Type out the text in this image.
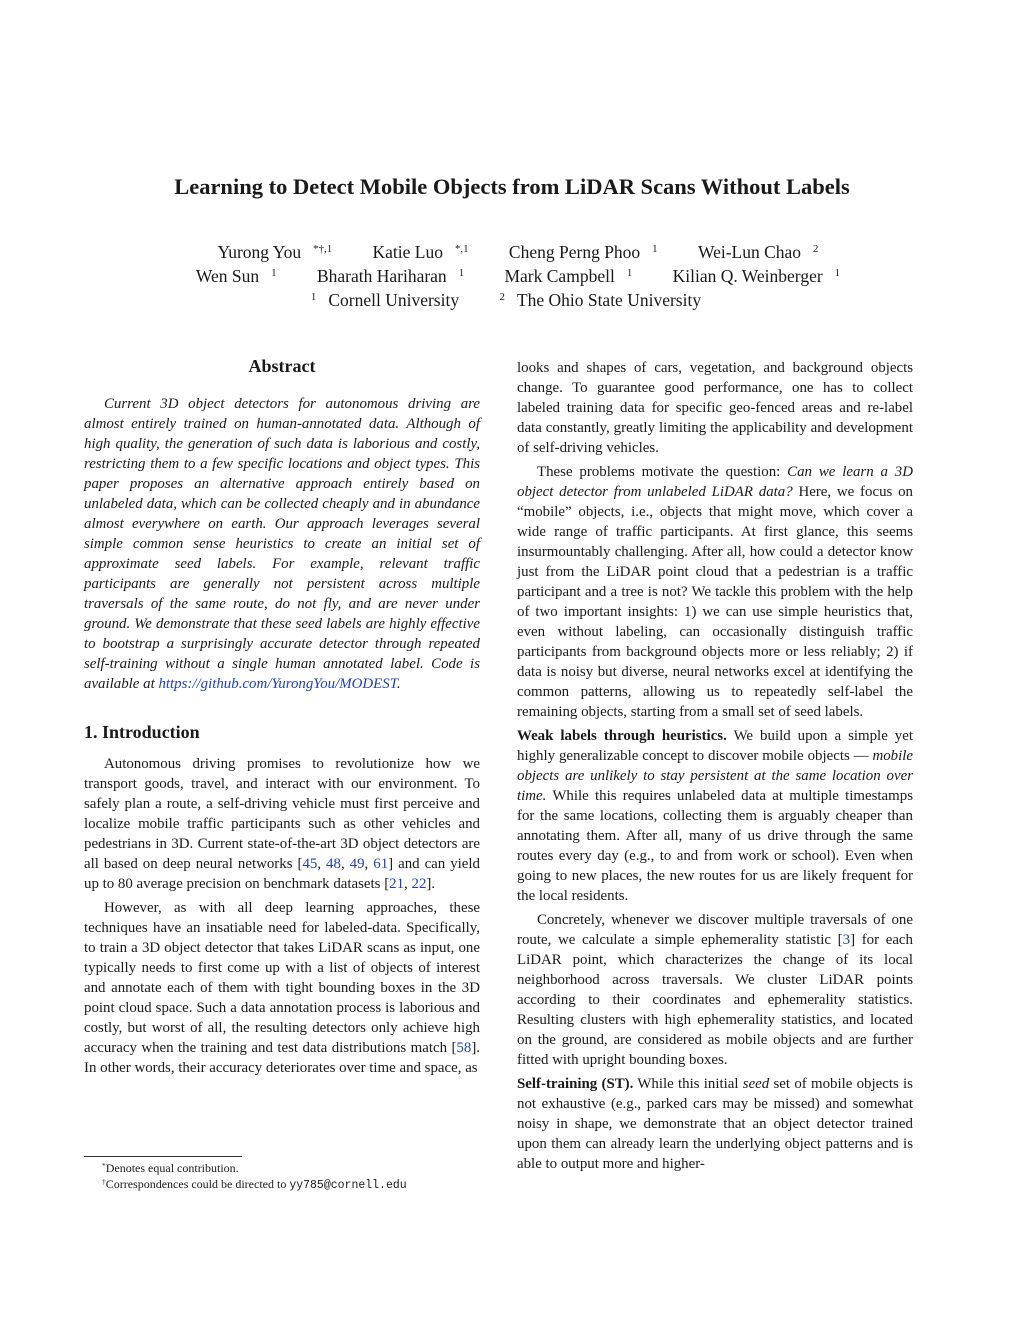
Learning to Detect Mobile Objects from LiDAR Scans Without Labels
Yurong You $^{*\dagger,1}$ Katie Luo $^{*,1}$ Cheng Perng Phoo $^1$ Wei-Lun Chao $^2$
Wen Sun $^1$ Bharath Hariharan $^1$ Mark Campbell $^1$ Kilian Q. Weinberger $^1$
$^1$ Cornell University	$^2$ The Ohio State University
Abstract

Current 3D object detectors for autonomous driving are almost entirely trained on human-annotated data. Although of high quality, the generation of such data is laborious and costly, restricting them to a few specific locations and object types. This paper proposes an alternative approach entirely based on unlabeled data, which can be collected cheaply and in abundance almost everywhere on earth. Our approach leverages several simple common sense heuristics to create an initial set of approximate seed labels. For example, relevant traffic participants are generally not persistent across multiple traversals of the same route, do not fly, and are never under ground. We demonstrate that these seed labels are highly effective to bootstrap a surprisingly accurate detector through repeated self-training without a single human annotated label. Code is available at https://github.com/YurongYou/MODEST.

1. Introduction

Autonomous driving promises to revolutionize how we transport goods, travel, and interact with our environment. To safely plan a route, a self-driving vehicle must first perceive and localize mobile traffic participants such as other vehicles and pedestrians in 3D. Current state-of-the-art 3D object detectors are all based on deep neural networks [45, 48, 49, 61] and can yield up to 80 average precision on benchmark datasets [21, 22].

However, as with all deep learning approaches, these techniques have an insatiable need for labeled-data. Specifically, to train a 3D object detector that takes LiDAR scans as input, one typically needs to first come up with a list of objects of interest and annotate each of them with tight bounding boxes in the 3D point cloud space. Such a data annotation process is laborious and costly, but worst of all, the resulting detectors only achieve high accuracy when the training and test data distributions match [58]. In other words, their accuracy deteriorates over time and space, as

*Denotes equal contribution.
†Correspondences could be directed to yy785@cornell.edu

looks and shapes of cars, vegetation, and background objects change. To guarantee good performance, one has to collect labeled training data for specific geo-fenced areas and re-label data constantly, greatly limiting the applicability and development of self-driving vehicles.

These problems motivate the question: Can we learn a 3D object detector from unlabeled LiDAR data? Here, we focus on “mobile” objects, i.e., objects that might move, which cover a wide range of traffic participants. At first glance, this seems insurmountably challenging. After all, how could a detector know just from the LiDAR point cloud that a pedestrian is a traffic participant and a tree is not? We tackle this problem with the help of two important insights: 1) we can use simple heuristics that, even without labeling, can occasionally distinguish traffic participants from background objects more or less reliably; 2) if data is noisy but diverse, neural networks excel at identifying the common patterns, allowing us to repeatedly self-label the remaining objects, starting from a small set of seed labels.

Weak labels through heuristics. We build upon a simple yet highly generalizable concept to discover mobile objects — mobile objects are unlikely to stay persistent at the same location over time. While this requires unlabeled data at multiple timestamps for the same locations, collecting them is arguably cheaper than annotating them. After all, many of us drive through the same routes every day (e.g., to and from work or school). Even when going to new places, the new routes for us are likely frequent for the local residents.

Concretely, whenever we discover multiple traversals of one route, we calculate a simple ephemerality statistic [3] for each LiDAR point, which characterizes the change of its local neighborhood across traversals. We cluster LiDAR points according to their coordinates and ephemerality statistics. Resulting clusters with high ephemerality statistics, and located on the ground, are considered as mobile objects and are further fitted with upright bounding boxes.

Self-training (ST). While this initial seed set of mobile objects is not exhaustive (e.g., parked cars may be missed) and somewhat noisy in shape, we demonstrate that an object detector trained upon them can already learn the underlying object patterns and is able to output more and higher-
